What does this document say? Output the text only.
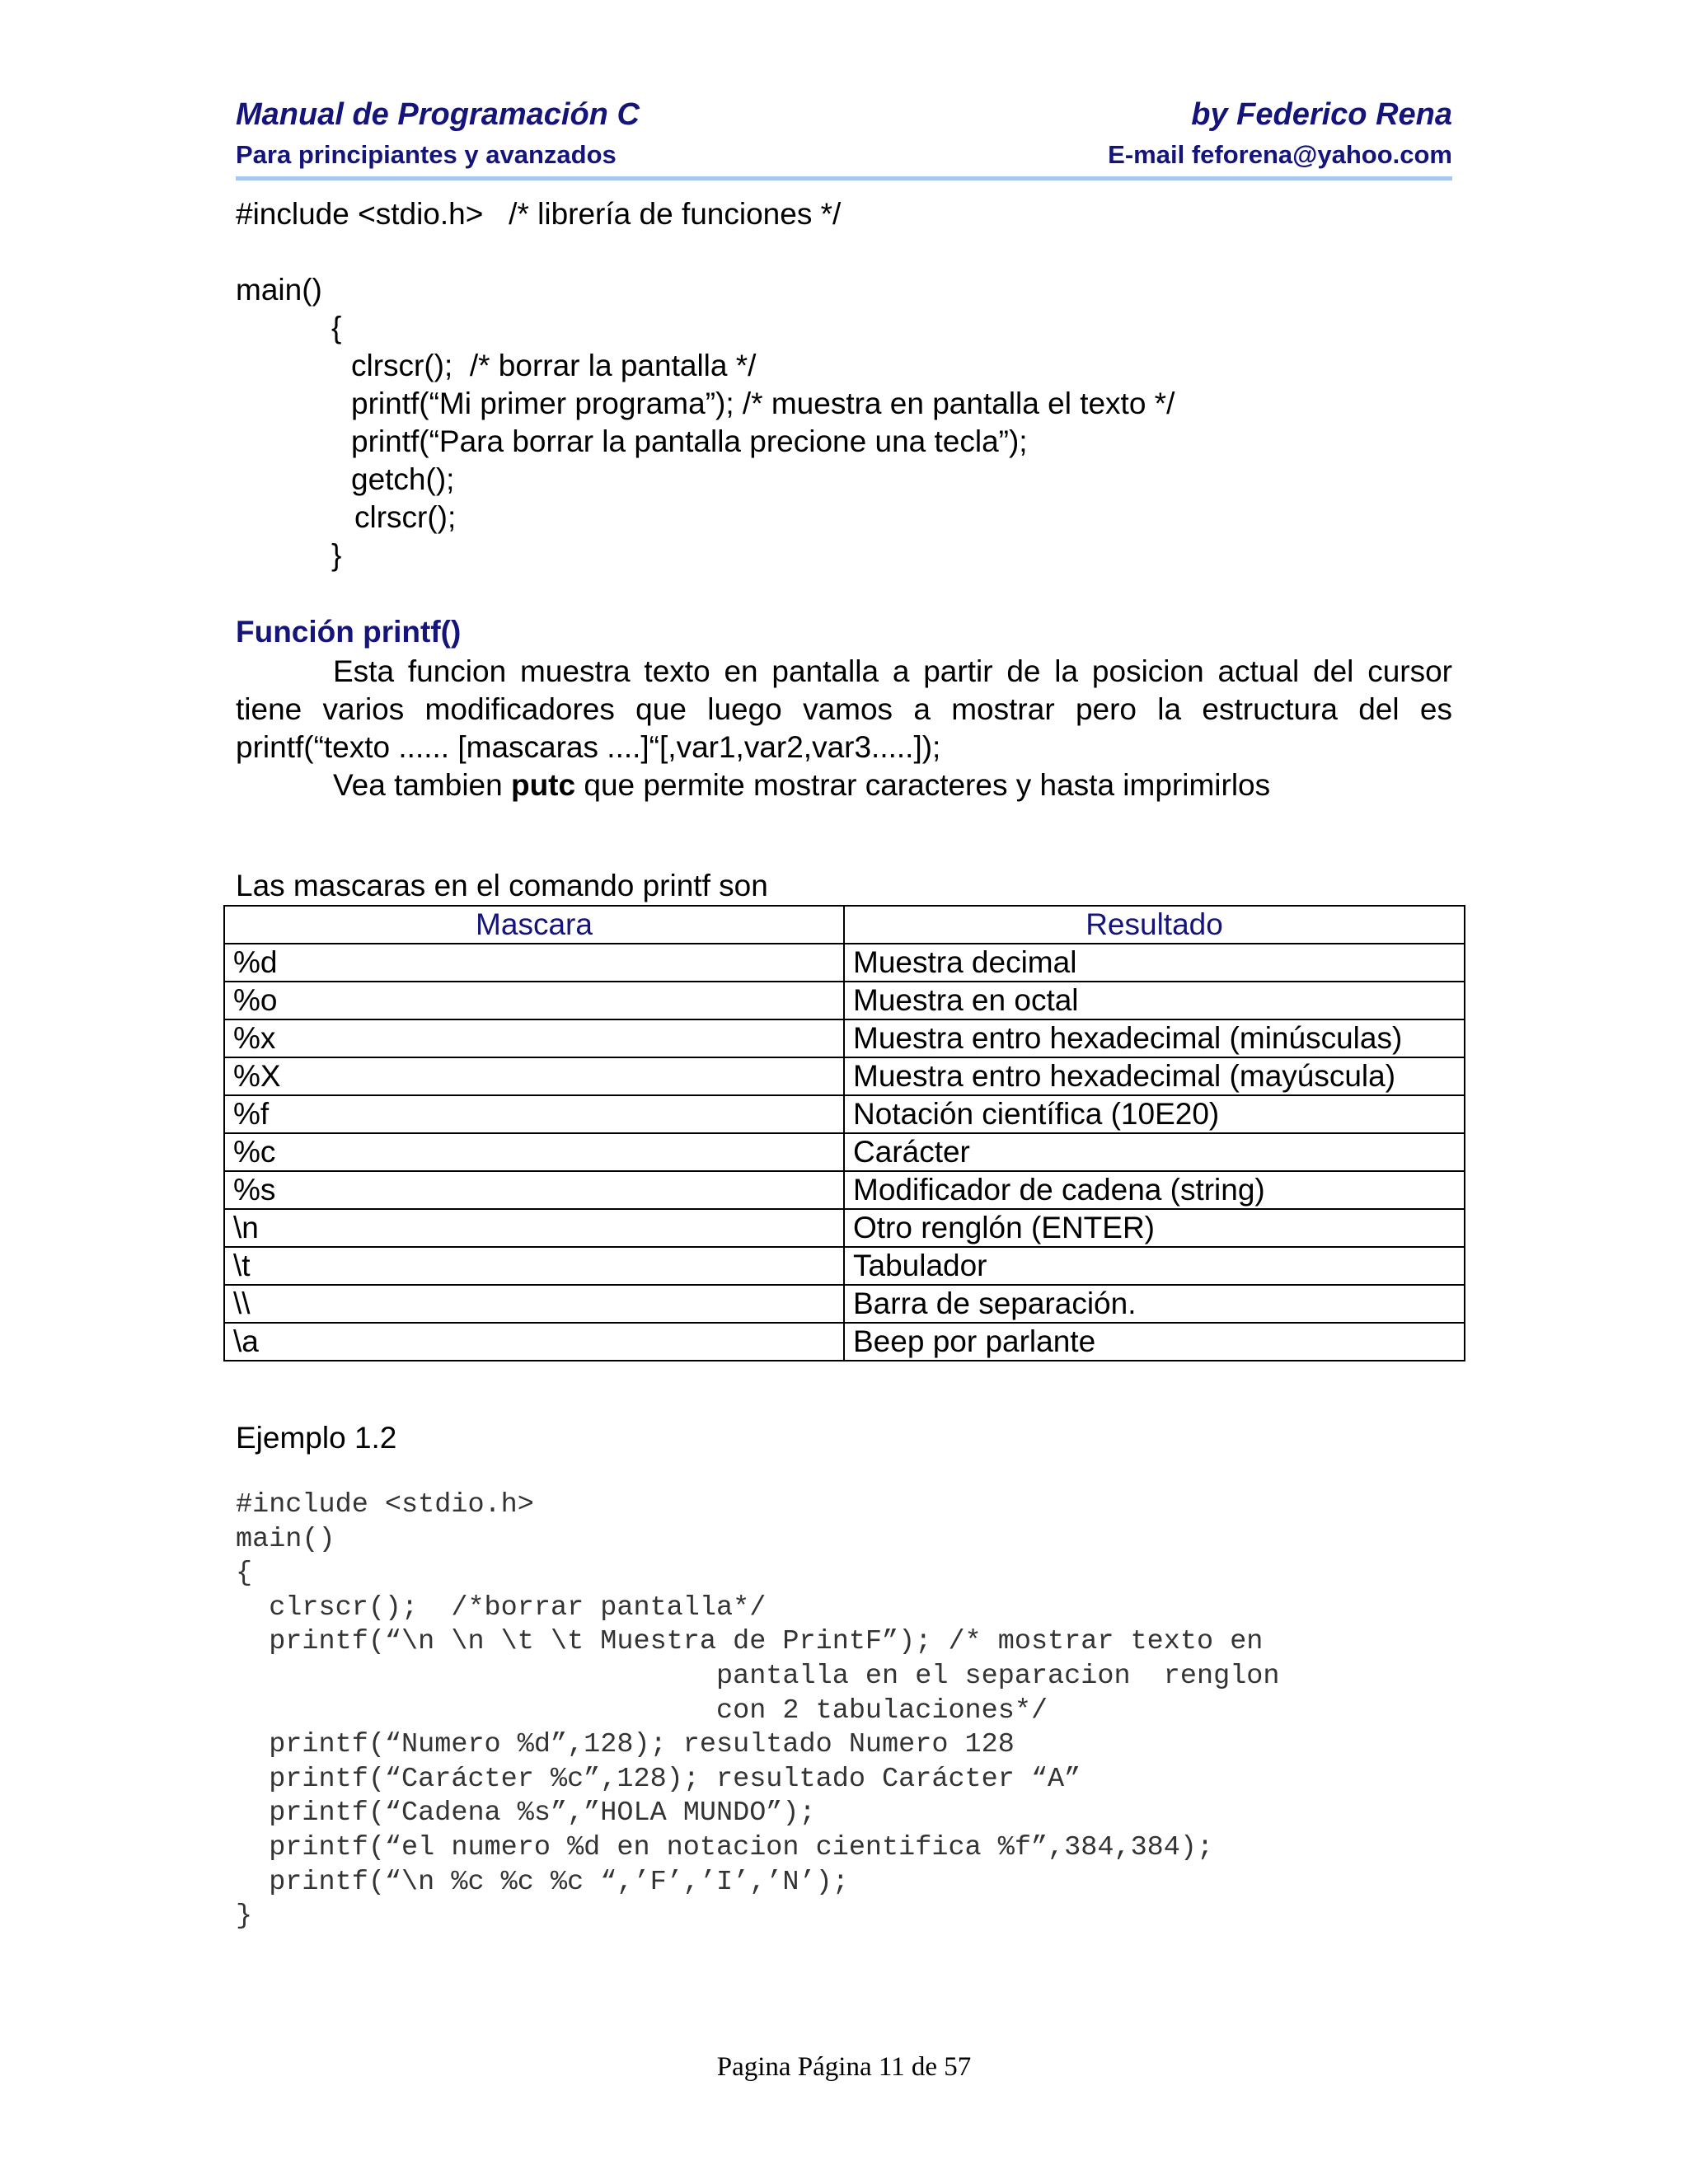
Manual de Programación C	by Federico Rena
Para principiantes y avanzados	E-mail feforena@yahoo.com
#include <stdio.h>   /* librería de funciones */
main()
{
clrscr();  /* borrar la pantalla */
printf(“Mi primer programa”); /* muestra en pantalla el texto */
printf(“Para borrar la pantalla precione una tecla”);
getch();
clrscr();
}
Función printf()
Esta funcion muestra texto en pantalla a partir de la posicion actual del cursor tiene varios modificadores que luego vamos a mostrar pero la estructura del es printf(“texto ...... [mascaras ....]“[,var1,var2,var3.....]);
Vea tambien putc que permite mostrar caracteres y hasta imprimirlos
Las mascaras en el comando printf son
Mascara	Resultado
%d	Muestra decimal
%o	Muestra en octal
%x	Muestra entro hexadecimal (minúsculas)
%X	Muestra entro hexadecimal (mayúscula)
%f	Notación científica (10E20)
%c	Carácter
%s	Modificador de cadena (string)
\n	Otro renglón (ENTER)
\t	Tabulador
\\	Barra de separación.
\a	Beep por parlante
Ejemplo 1.2
#include <stdio.h>
main()
{
clrscr();  /*borrar pantalla*/
printf(“\n \n \t \t Muestra de PrintF”); /* mostrar texto en
pantalla en el separacion  renglon
con 2 tabulaciones*/
printf(“Numero %d”,128); resultado Numero 128
printf(“Carácter %c”,128); resultado Carácter “A”
printf(“Cadena %s”,”HOLA MUNDO”);
printf(“el numero %d en notacion cientifica %f”,384,384);
printf(“\n %c %c %c “,’F’,’I’,’N’);
}
Pagina Página 11 de 57
